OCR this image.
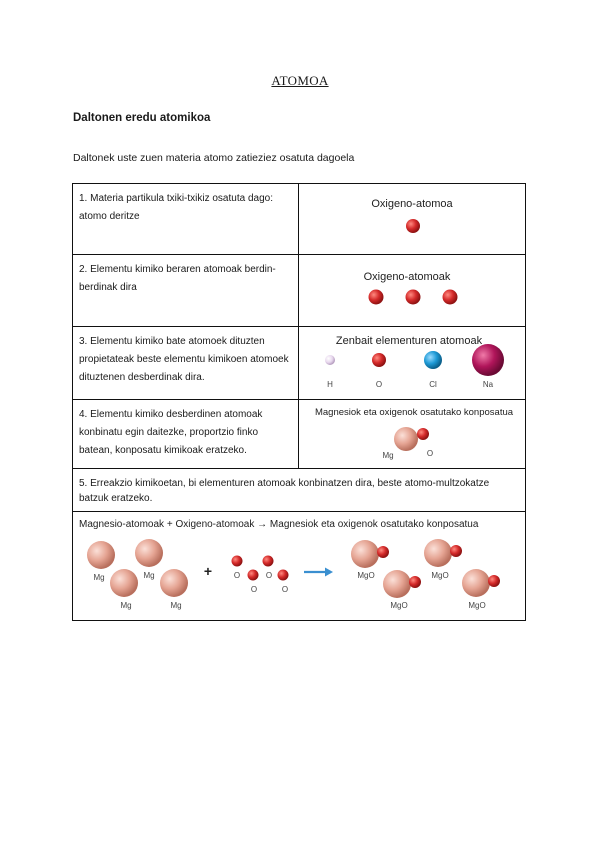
ATOMOA
Daltonen eredu atomikoa
Daltonek uste zuen materia atomo zatieziez osatuta dagoela
1. Materia partikula txiki-txikiz osatuta dago: atomo deritze
Oxigeno-atomoa
2. Elementu kimiko beraren atomoak berdin-berdinak dira
Oxigeno-atomoak
3. Elementu kimiko bate atomoek dituzten propietateak beste elementu kimikoen atomoek dituztenen desberdinak dira.
Zenbait elementuren atomoak
H	O	Cl	Na
4. Elementu kimiko desberdinen atomoak konbinatu egin daitezke, proportzio finko batean, konposatu kimikoak eratzeko.
Magnesiok eta oxigenok osatutako konposatua
Mg	O
5. Erreakzio kimikoetan, bi elementuren atomoak konbinatzen dira, beste atomo-multzokatze batzuk eratzeko.
Magnesio-atomoak + Oxigeno-atomoak → Magnesiok eta oxigenok osatutako konposatua
Mg	Mg
Mg	Mg
+	O	O
O	O
MgO	MgO
MgO	MgO
